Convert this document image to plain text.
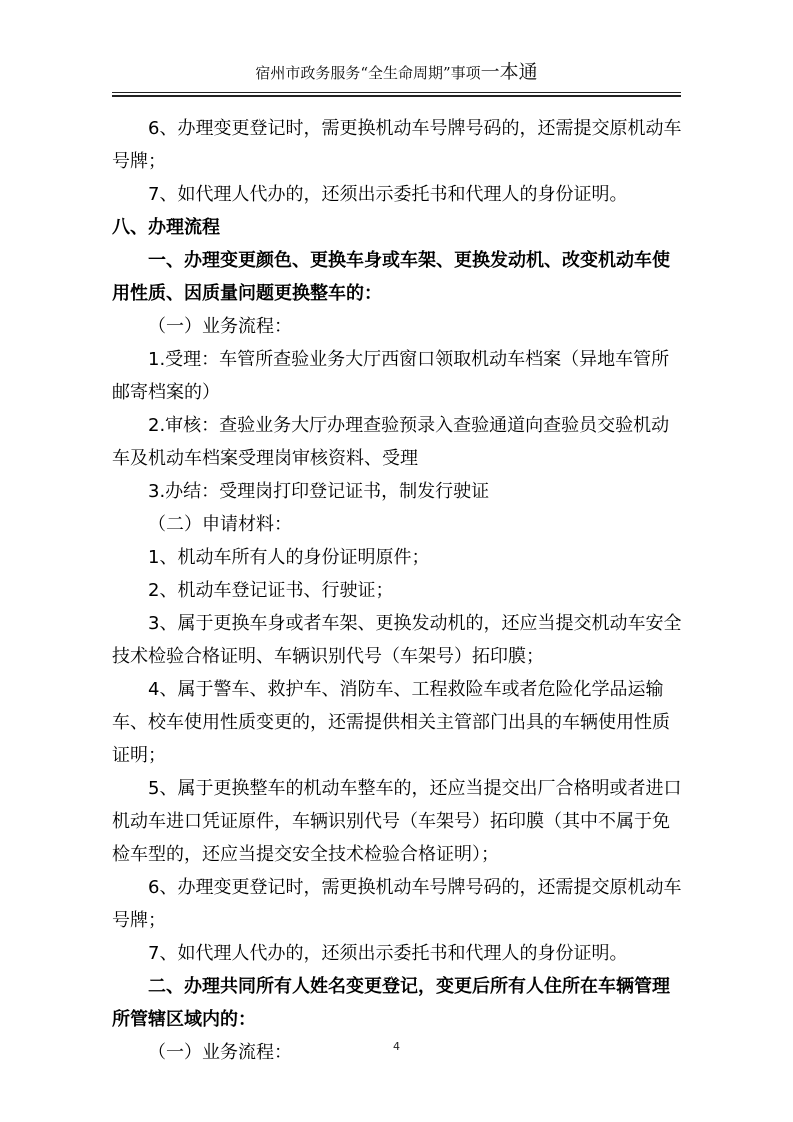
宿州市政务服务“全生命周期”事项一本通

6、办理变更登记时，需更换机动车号牌号码的，还需提交原机动车号牌；

7、如代理人代办的，还须出示委托书和代理人的身份证明。

八、办理流程

一、办理变更颜色、更换车身或车架、更换发动机、改变机动车使用性质、因质量问题更换整车的：

（一）业务流程：

1.受理：车管所查验业务大厅西窗口领取机动车档案（异地车管所邮寄档案的）

2.审核：查验业务大厅办理查验预录入查验通道向查验员交验机动车及机动车档案受理岗审核资料、受理

3.办结：受理岗打印登记证书，制发行驶证

（二）申请材料：

1、机动车所有人的身份证明原件；

2、机动车登记证书、行驶证；

3、属于更换车身或者车架、更换发动机的，还应当提交机动车安全技术检验合格证明、车辆识别代号（车架号）拓印膜；

4、属于警车、救护车、消防车、工程救险车或者危险化学品运输车、校车使用性质变更的，还需提供相关主管部门出具的车辆使用性质证明；

5、属于更换整车的机动车整车的，还应当提交出厂合格明或者进口机动车进口凭证原件，车辆识别代号（车架号）拓印膜（其中不属于免检车型的，还应当提交安全技术检验合格证明）；

6、办理变更登记时，需更换机动车号牌号码的，还需提交原机动车号牌；

7、如代理人代办的，还须出示委托书和代理人的身份证明。

二、办理共同所有人姓名变更登记，变更后所有人住所在车辆管理所管辖区域内的：

（一）业务流程：	4
